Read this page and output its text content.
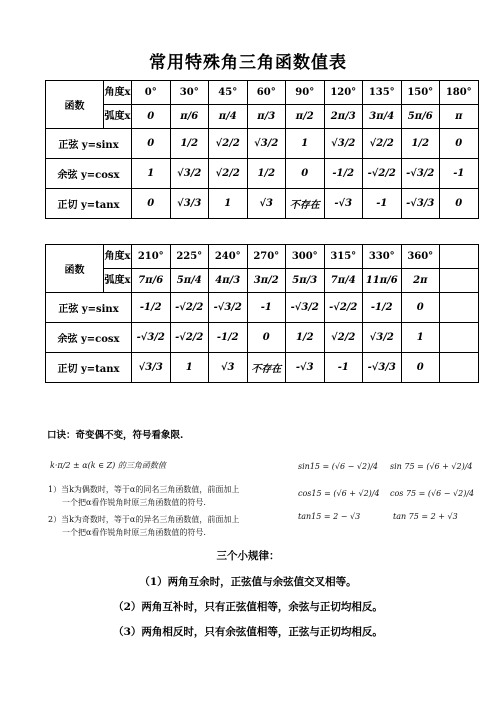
常用特殊角三角函数值表
函数	角度x	0°	30°	45°	60°	90°	120°	135°	150°	180°
	弧度x	0	π/6	π/4	π/3	π/2	2π/3	3π/4	5π/6	π
正弦 y=sinx		0	1/2	√2/2	√3/2	1	√3/2	√2/2	1/2	0
余弦 y=cosx		1	√3/2	√2/2	1/2	0	-1/2	-√2/2	-√3/2	-1
正切 y=tanx		0	√3/3	1	√3	不存在	-√3	-1	-√3/3	0
函数	角度x	210°	225°	240°	270°	300°	315°	330°	360°	
	弧度x	7π/6	5π/4	4π/3	3π/2	5π/3	7π/4	11π/6	2π	
正弦 y=sinx		-1/2	-√2/2	-√3/2	-1	-√3/2	-√2/2	-1/2	0	
余弦 y=cosx		-√3/2	-√2/2	-1/2	0	1/2	√2/2	√3/2	1	
正切 y=tanx		√3/3	1	√3	不存在	-√3	-1	-√3/3	0	
口诀：奇变偶不变，符号看象限.
k·π/2 ± α(k ∈ Z) 的三角函数值
1）当k为偶数时，等于α的同名三角函数值，前面加上
一个把α看作锐角时原三角函数值的符号.
2）当k为奇数时，等于α的异名三角函数值，前面加上
一个把α看作锐角时原三角函数值的符号.
sin15 = (√6 − √2)/4 sin 75 = (√6 + √2)/4
cos15 = (√6 + √2)/4 cos 75 = (√6 − √2)/4
tan15 = 2 − √3	tan 75 = 2 + √3
三个小规律：
（1）两角互余时，正弦值与余弦值交叉相等。
（2）两角互补时，只有正弦值相等，余弦与正切均相反。
（3）两角相反时，只有余弦值相等，正弦与正切均相反。
